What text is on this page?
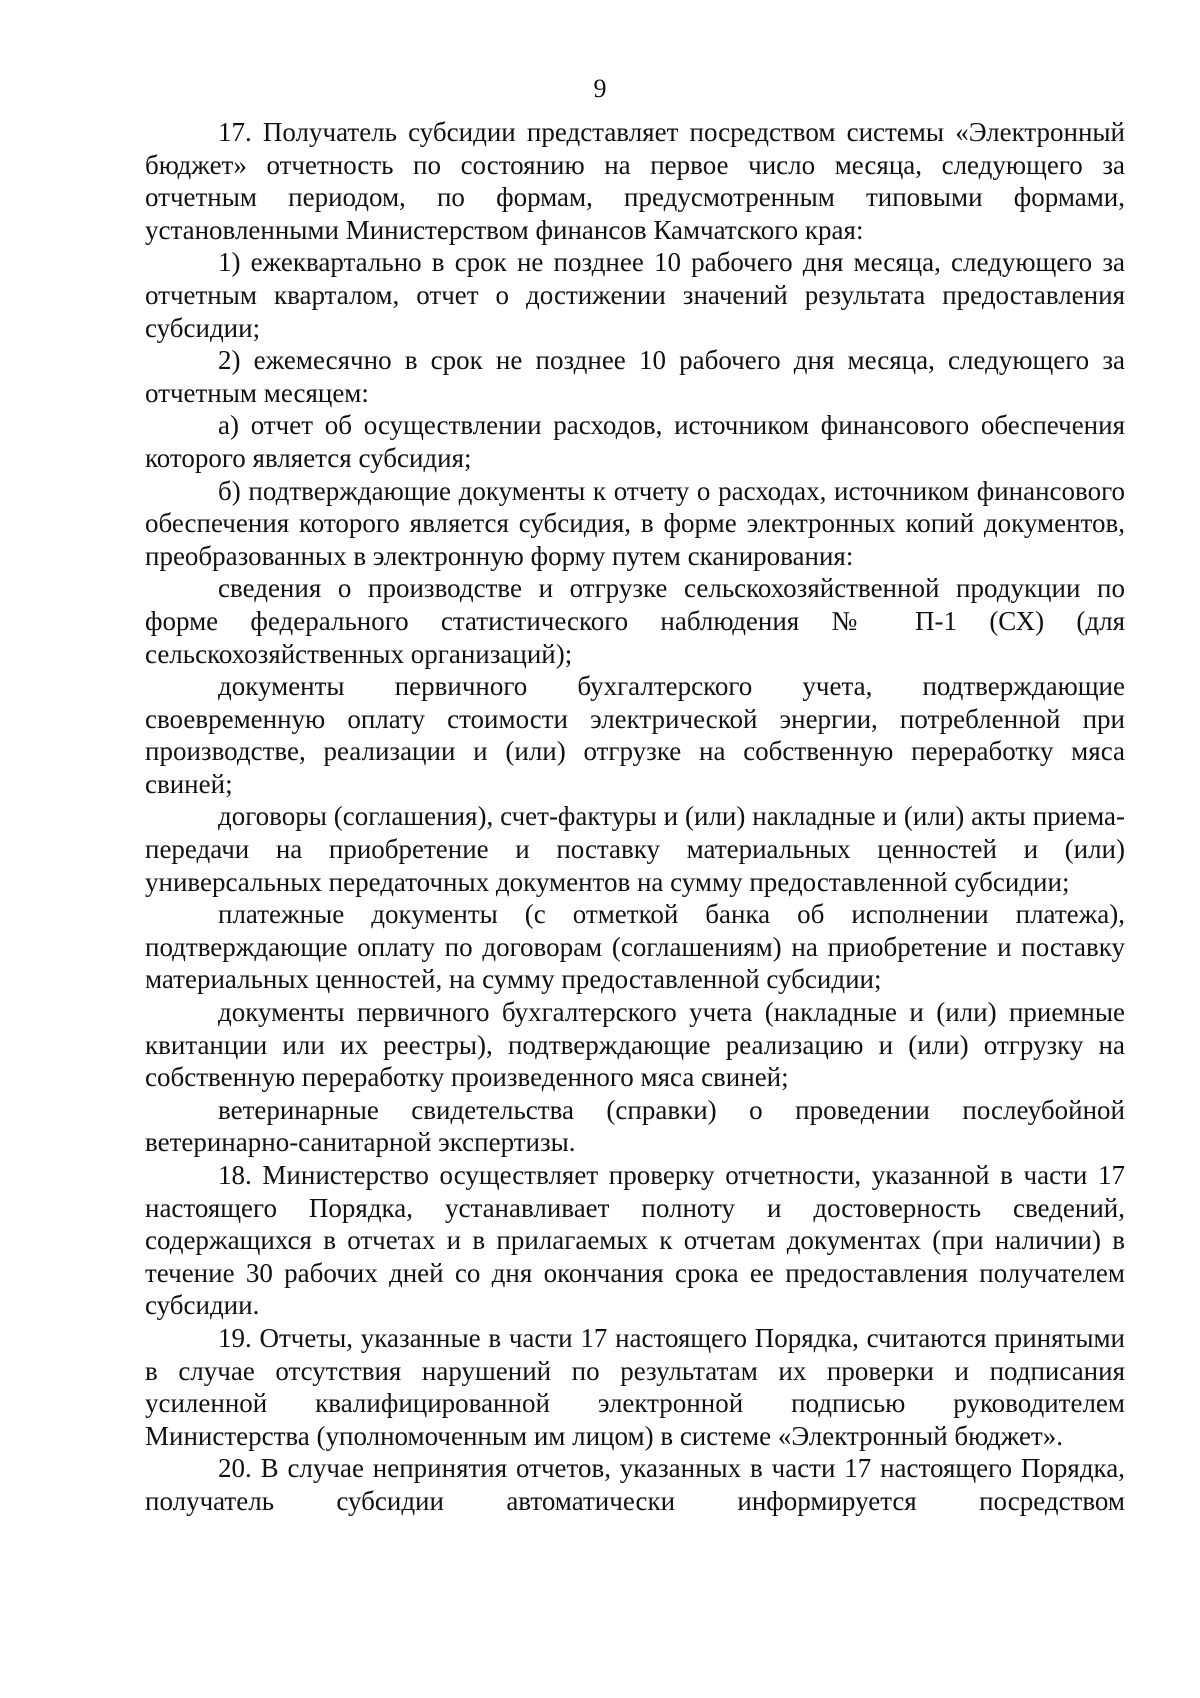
9

17. Получатель субсидии представляет посредством системы «Электронный бюджет» отчетность по состоянию на первое число месяца, следующего за отчетным периодом, по формам, предусмотренным типовыми формами, установленными Министерством финансов Камчатского края:

1) ежеквартально в срок не позднее 10 рабочего дня месяца, следующего за отчетным кварталом, отчет о достижении значений результата предоставления субсидии;

2) ежемесячно в срок не позднее 10 рабочего дня месяца, следующего за отчетным месяцем:

а) отчет об осуществлении расходов, источником финансового обеспечения которого является субсидия;

б) подтверждающие документы к отчету о расходах, источником финансового обеспечения которого является субсидия, в форме электронных копий документов, преобразованных в электронную форму путем сканирования:

сведения о производстве и отгрузке сельскохозяйственной продукции по форме федерального статистического наблюдения № П-1 (СХ) (для сельскохозяйственных организаций);

документы первичного бухгалтерского учета, подтверждающие своевременную оплату стоимости электрической энергии, потребленной при производстве, реализации и (или) отгрузке на собственную переработку мяса свиней;

договоры (соглашения), счет-фактуры и (или) накладные и (или) акты приема-передачи на приобретение и поставку материальных ценностей и (или) универсальных передаточных документов на сумму предоставленной субсидии;

платежные документы (с отметкой банка об исполнении платежа), подтверждающие оплату по договорам (соглашениям) на приобретение и поставку материальных ценностей, на сумму предоставленной субсидии;

документы первичного бухгалтерского учета (накладные и (или) приемные квитанции или их реестры), подтверждающие реализацию и (или) отгрузку на собственную переработку произведенного мяса свиней;

ветеринарные свидетельства (справки) о проведении послеубойной ветеринарно-санитарной экспертизы.

18. Министерство осуществляет проверку отчетности, указанной в части 17 настоящего Порядка, устанавливает полноту и достоверность сведений, содержащихся в отчетах и в прилагаемых к отчетам документах (при наличии) в течение 30 рабочих дней со дня окончания срока ее предоставления получателем субсидии.

19. Отчеты, указанные в части 17 настоящего Порядка, считаются принятыми в случае отсутствия нарушений по результатам их проверки и подписания усиленной квалифицированной электронной подписью руководителем Министерства (уполномоченным им лицом) в системе «Электронный бюджет».

20. В случае непринятия отчетов, указанных в части 17 настоящего Порядка, получатель субсидии автоматически информируется посредством
